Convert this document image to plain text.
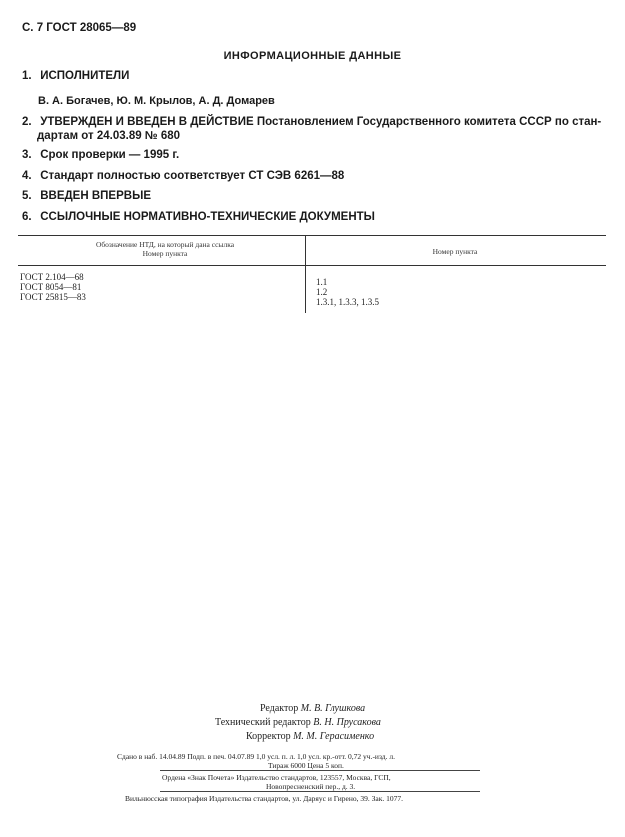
С. 7 ГОСТ 28065—89
ИНФОРМАЦИОННЫЕ ДАННЫЕ
1. ИСПОЛНИТЕЛИ
В. А. Богачев, Ю. М. Крылов, А. Д. Домарев
2. УТВЕРЖДЕН И ВВЕДЕН В ДЕЙСТВИЕ Постановлением Государственного комитета СССР по стан-
дартам от 24.03.89 № 680
3. Срок проверки — 1995 г.
4. Стандарт полностью соответствует СТ СЭВ 6261—88
5. ВВЕДЕН ВПЕРВЫЕ
6. ССЫЛОЧНЫЕ НОРМАТИВНО-ТЕХНИЧЕСКИЕ ДОКУМЕНТЫ
Обозначение НТД, на который дана ссылка
Номер пункта	Номер пункта
ГОСТ 2.104—68
ГОСТ 8054—81
ГОСТ 25815—83
1.1
1.2
1.3.1, 1.3.3, 1.3.5
Редактор М. В. Глушкова
Технический редактор В. Н. Прусакова
Корректор М. М. Герасименко
Сдано в наб. 14.04.89 Подп. в печ. 04.07.89 1,0 усл. п. л. 1,0 усл. кр.-отт. 0,72 уч.-изд. л.
Тираж 6000 Цена 5 коп.
Ордена «Знак Почета» Издательство стандартов, 123557, Москва, ГСП,
Новопресненский пер., д. 3.
Вильнюсская типография Издательства стандартов, ул. Даряус и Гирено, 39. Зак. 1077.
